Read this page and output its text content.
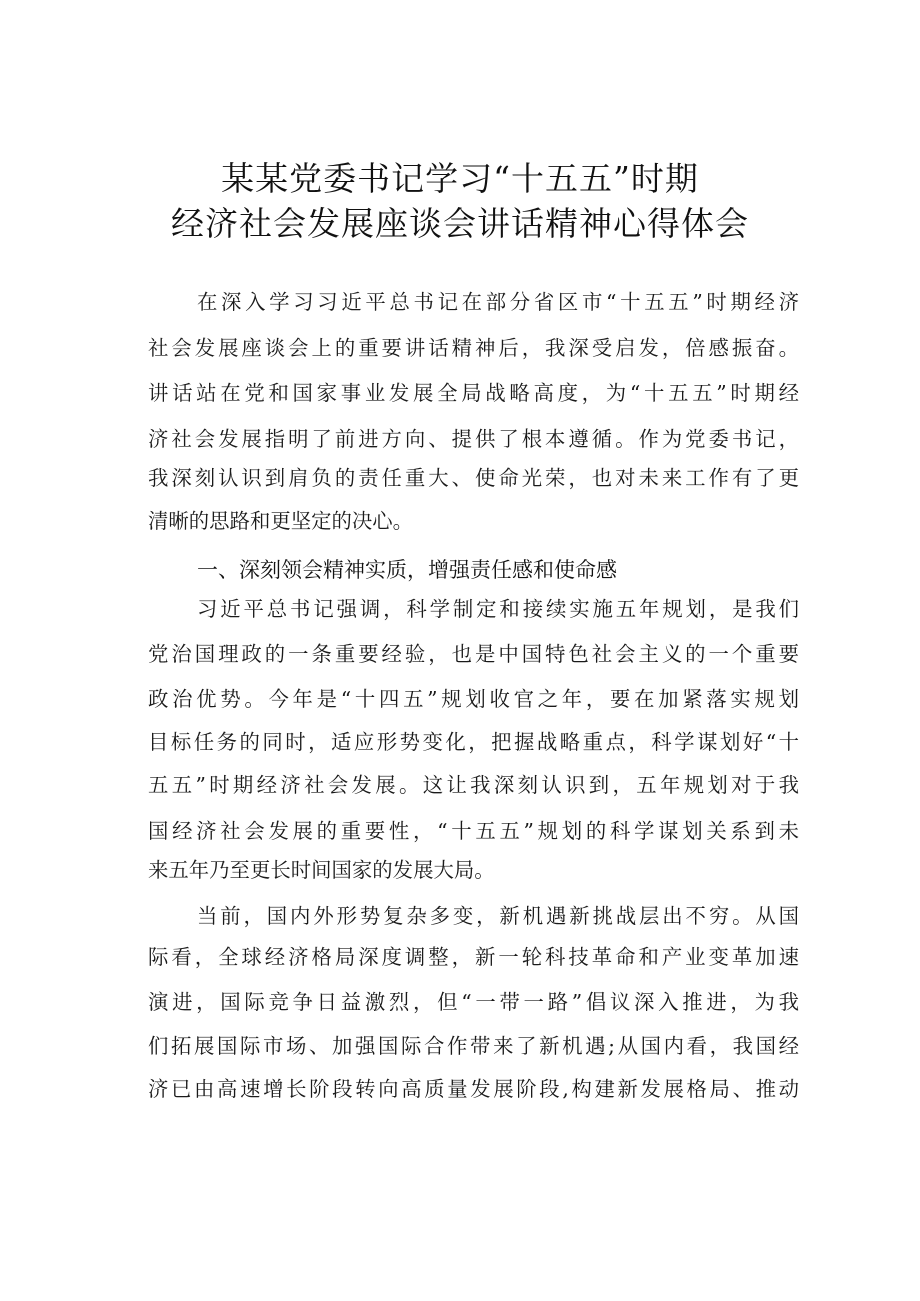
某某党委书记学习“十五五”时期
经济社会发展座谈会讲话精神心得体会
在深入学习习近平总书记在部分省区市“十五五”时期经济
社会发展座谈会上的重要讲话精神后，我深受启发，倍感振奋。
讲话站在党和国家事业发展全局战略高度，为“十五五”时期经
济社会发展指明了前进方向、提供了根本遵循。作为党委书记，
我深刻认识到肩负的责任重大、使命光荣，也对未来工作有了更
清晰的思路和更坚定的决心。
一、深刻领会精神实质，增强责任感和使命感
习近平总书记强调，科学制定和接续实施五年规划，是我们
党治国理政的一条重要经验，也是中国特色社会主义的一个重要
政治优势。今年是“十四五”规划收官之年，要在加紧落实规划
目标任务的同时，适应形势变化，把握战略重点，科学谋划好“十
五五”时期经济社会发展。这让我深刻认识到，五年规划对于我
国经济社会发展的重要性，“十五五”规划的科学谋划关系到未
来五年乃至更长时间国家的发展大局。
当前，国内外形势复杂多变，新机遇新挑战层出不穷。从国
际看，全球经济格局深度调整，新一轮科技革命和产业变革加速
演进，国际竞争日益激烈，但“一带一路”倡议深入推进，为我
们拓展国际市场、加强国际合作带来了新机遇;从国内看，我国经
济已由高速增长阶段转向高质量发展阶段,构建新发展格局、推动
